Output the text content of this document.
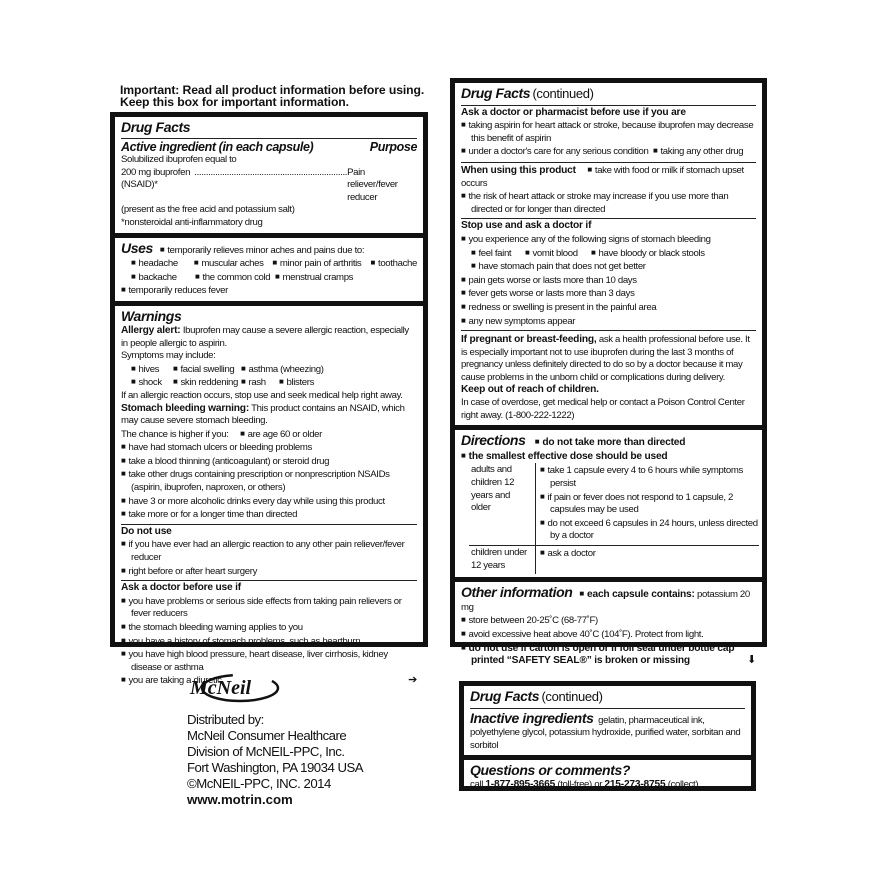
Important: Read all product information before using.
Keep this box for important information.
Drug Facts
Active ingredient (in each capsule)	Purpose
Solubilized ibuprofen equal to
200 mg ibuprofen (NSAID)*
.................................................................. Pain reliever/fever reducer
(present as the free acid and potassium salt)
*nonsteroidal anti-inflammatory drug
Uses ■ temporarily relieves minor aches and pains due to:
■ headache	■ muscular aches	■ minor pain of arthritis	■ toothache
■ backache	■ the common cold	■ menstrual cramps
■ temporarily reduces fever
Warnings
Allergy alert: Ibuprofen may cause a severe allergic reaction, especially in people allergic to aspirin.
Symptoms may include:
■ hives	■ facial swelling	■ asthma (wheezing)
■ shock	■ skin reddening	■ rash	■ blisters
If an allergic reaction occurs, stop use and seek medical help right away.
Stomach bleeding warning: This product contains an NSAID, which may cause severe stomach bleeding.
The chance is higher if you: ■ are age 60 or older
■ have had stomach ulcers or bleeding problems
■ take a blood thinning (anticoagulant) or steroid drug
■ take other drugs containing prescription or nonprescription NSAIDs (aspirin, ibuprofen, naproxen, or others)
■ have 3 or more alcoholic drinks every day while using this product
■ take more or for a longer time than directed
Do not use
■ if you have ever had an allergic reaction to any other pain reliever/fever reducer
■ right before or after heart surgery
Ask a doctor before use if
■ you have problems or serious side effects from taking pain relievers or fever reducers
■ the stomach bleeding warning applies to you
■ you have a history of stomach problems, such as heartburn
■ you have high blood pressure, heart disease, liver cirrhosis, kidney disease or asthma
➔
■ you are taking a diuretic
Drug Facts (continued)
Ask a doctor or pharmacist before use if you are
■ taking aspirin for heart attack or stroke, because ibuprofen may decrease this benefit of aspirin
■ under a doctor's care for any serious condition	■ taking any other drug
When using this product ■ take with food or milk if stomach upset occurs
■ the risk of heart attack or stroke may increase if you use more than directed or for longer than directed
Stop use and ask a doctor if
■ you experience any of the following signs of stomach bleeding
■ feel faint	■ vomit blood	■ have bloody or black stools
■ have stomach pain that does not get better
■ pain gets worse or lasts more than 10 days
■ fever gets worse or lasts more than 3 days
■ redness or swelling is present in the painful area
■ any new symptoms appear
If pregnant or breast-feeding, ask a health professional before use. It is especially important not to use ibuprofen during the last 3 months of pregnancy unless definitely directed to do so by a doctor because it may cause problems in the unborn child or complications during delivery.
Keep out of reach of children.
In case of overdose, get medical help or contact a Poison Control Center right away. (1-800-222-1222)
Directions ■ do not take more than directed
■ the smallest effective dose should be used
adults and children 12 years and older	■ take 1 capsule every 4 to 6 hours while symptoms persist
■ if pain or fever does not respond to 1 capsule, 2 capsules may be used
■ do not exceed 6 capsules in 24 hours, unless directed by a doctor

children under 12 years	■ ask a doctor
Other information ■ each capsule contains: potassium 20 mg
■ store between 20-25˚C (68-77˚F)
■ avoid excessive heat above 40˚C (104˚F). Protect from light.
⬇
■ do not use if carton is open or if foil seal under bottle cap printed “SAFETY SEAL®” is broken or missing
McNeil
Distributed by:
McNeil Consumer Healthcare
Division of McNEIL-PPC, Inc.
Fort Washington, PA 19034 USA
©McNEIL-PPC, INC. 2014
www.motrin.com
Drug Facts (continued)
Inactive ingredients gelatin, pharmaceutical ink, polyethylene glycol, potassium hydroxide, purified water, sorbitan and sorbitol
Questions or comments?
call 1-877-895-3665 (toll-free) or 215-273-8755 (collect)
